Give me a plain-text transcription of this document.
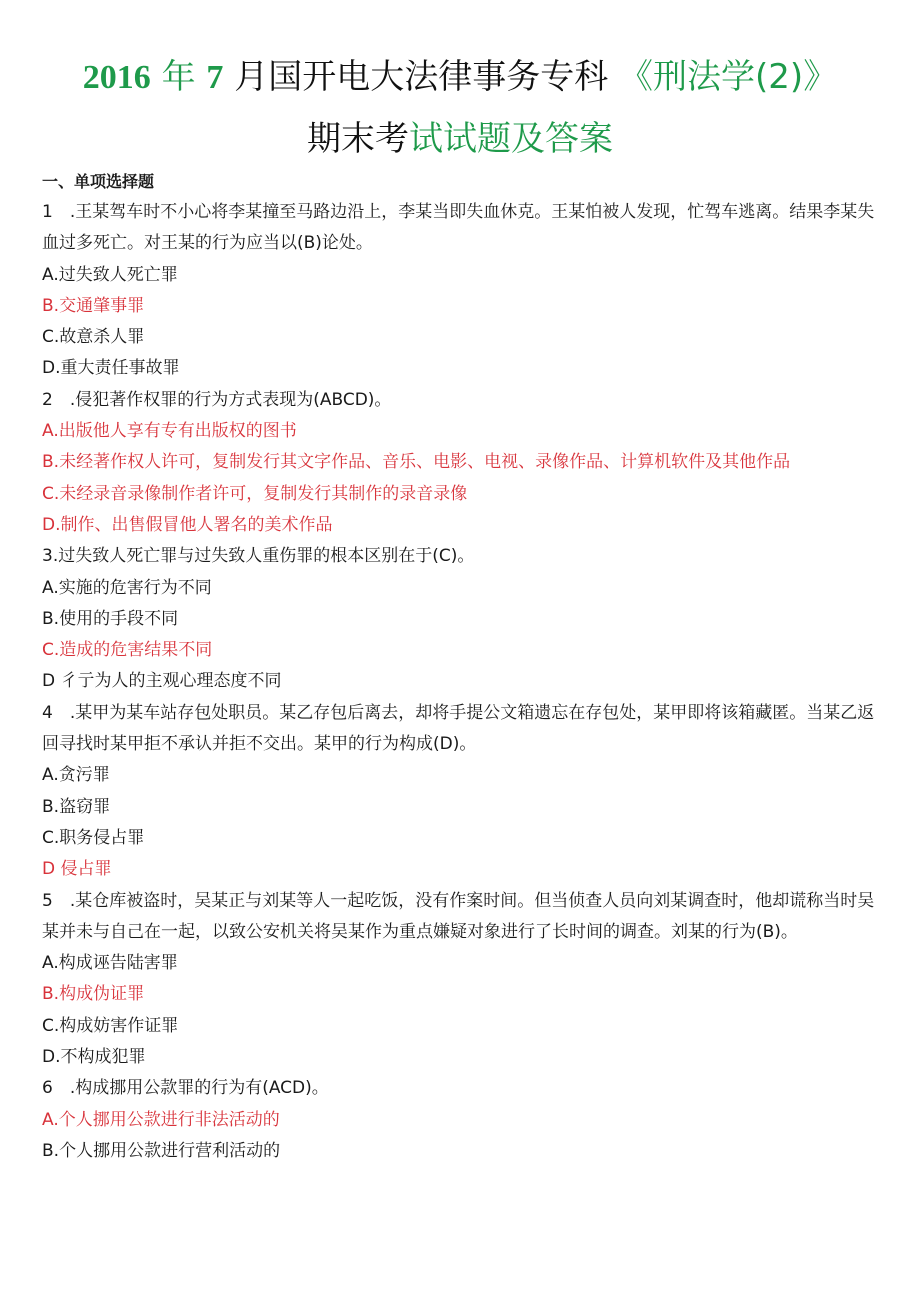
2016 年 7 月国开电大法律事务专科 《刑法学(2)》
期末考试试题及答案
一、单项选择题
1　.王某驾车时不小心将李某撞至马路边沿上，李某当即失血休克。王某怕被人发现，忙驾车逃离。结果李某失血过多死亡。对王某的行为应当以(B)论处。
A.过失致人死亡罪
B.交通肇事罪
C.故意杀人罪
D.重大责任事故罪
2　.侵犯著作权罪的行为方式表现为(ABCD)。
A.出版他人享有专有出版权的图书
B.未经著作权人许可，复制发行其文字作品、音乐、电影、电视、录像作品、计算机软件及其他作品
C.未经录音录像制作者许可，复制发行其制作的录音录像
D.制作、出售假冒他人署名的美术作品
3.过失致人死亡罪与过失致人重伤罪的根本区别在于(C)。
A.实施的危害行为不同
B.使用的手段不同
C.造成的危害结果不同
D 彳亍为人的主观心理态度不同
4　.某甲为某车站存包处职员。某乙存包后离去，却将手提公文箱遗忘在存包处，某甲即将该箱藏匿。当某乙返回寻找时某甲拒不承认并拒不交出。某甲的行为构成(D)。
A.贪污罪
B.盗窃罪
C.职务侵占罪
D 侵占罪
5　.某仓库被盗时，吴某正与刘某等人一起吃饭，没有作案时间。但当侦查人员向刘某调查时，他却谎称当时吴某并未与自己在一起，以致公安机关将吴某作为重点嫌疑对象进行了长时间的调查。刘某的行为(B)。
A.构成诬告陆害罪
B.构成伪证罪
C.构成妨害作证罪
D.不构成犯罪
6　.构成挪用公款罪的行为有(ACD)。
A.个人挪用公款进行非法活动的
B.个人挪用公款进行营利活动的
